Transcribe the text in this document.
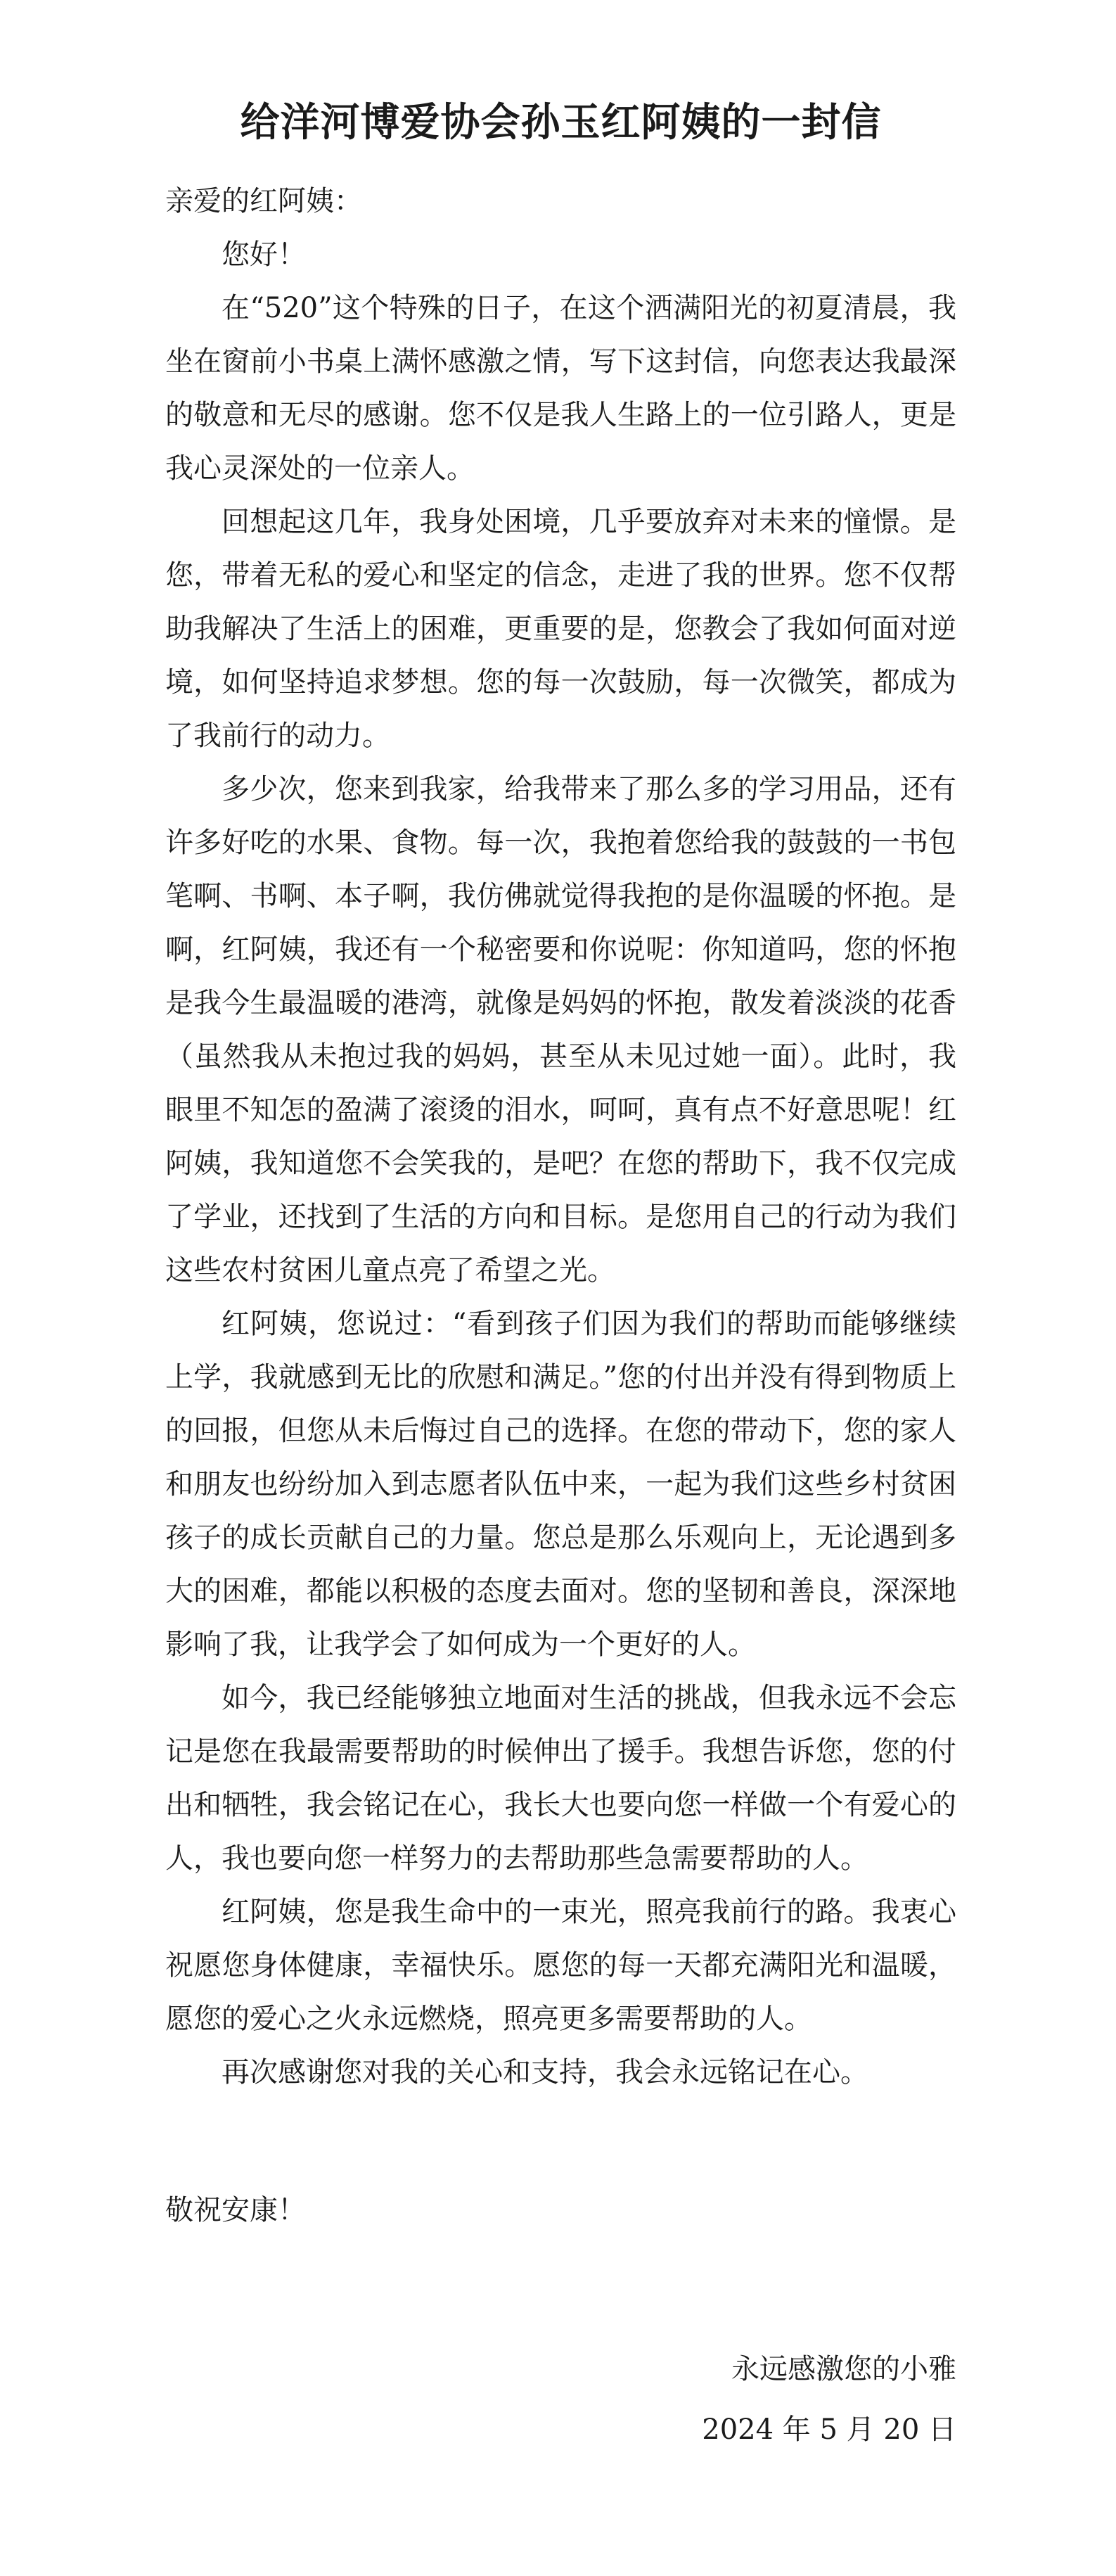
给洋河博爱协会孙玉红阿姨的一封信

亲爱的红阿姨：

您好！

在“520”这个特殊的日子，在这个洒满阳光的初夏清晨，我坐在窗前小书桌上满怀感激之情，写下这封信，向您表达我最深的敬意和无尽的感谢。您不仅是我人生路上的一位引路人，更是我心灵深处的一位亲人。

回想起这几年，我身处困境，几乎要放弃对未来的憧憬。是您，带着无私的爱心和坚定的信念，走进了我的世界。您不仅帮助我解决了生活上的困难，更重要的是，您教会了我如何面对逆境，如何坚持追求梦想。您的每一次鼓励，每一次微笑，都成为了我前行的动力。

多少次，您来到我家，给我带来了那么多的学习用品，还有许多好吃的水果、食物。每一次，我抱着您给我的鼓鼓的一书包笔啊、书啊、本子啊，我仿佛就觉得我抱的是你温暖的怀抱。是啊，红阿姨，我还有一个秘密要和你说呢：你知道吗，您的怀抱是我今生最温暖的港湾，就像是妈妈的怀抱，散发着淡淡的花香（虽然我从未抱过我的妈妈，甚至从未见过她一面）。此时，我眼里不知怎的盈满了滚烫的泪水，呵呵，真有点不好意思呢！红阿姨，我知道您不会笑我的，是吧？在您的帮助下，我不仅完成了学业，还找到了生活的方向和目标。是您用自己的行动为我们这些农村贫困儿童点亮了希望之光。

红阿姨，您说过：“看到孩子们因为我们的帮助而能够继续上学，我就感到无比的欣慰和满足。”您的付出并没有得到物质上的回报，但您从未后悔过自己的选择。在您的带动下，您的家人和朋友也纷纷加入到志愿者队伍中来，一起为我们这些乡村贫困孩子的成长贡献自己的力量。您总是那么乐观向上，无论遇到多大的困难，都能以积极的态度去面对。您的坚韧和善良，深深地影响了我，让我学会了如何成为一个更好的人。

如今，我已经能够独立地面对生活的挑战，但我永远不会忘记是您在我最需要帮助的时候伸出了援手。我想告诉您，您的付出和牺牲，我会铭记在心，我长大也要向您一样做一个有爱心的人，我也要向您一样努力的去帮助那些急需要帮助的人。

红阿姨，您是我生命中的一束光，照亮我前行的路。我衷心祝愿您身体健康，幸福快乐。愿您的每一天都充满阳光和温暖，愿您的爱心之火永远燃烧，照亮更多需要帮助的人。

再次感谢您对我的关心和支持，我会永远铭记在心。

敬祝安康！

永远感激您的小雅

2024 年 5 月 20 日
